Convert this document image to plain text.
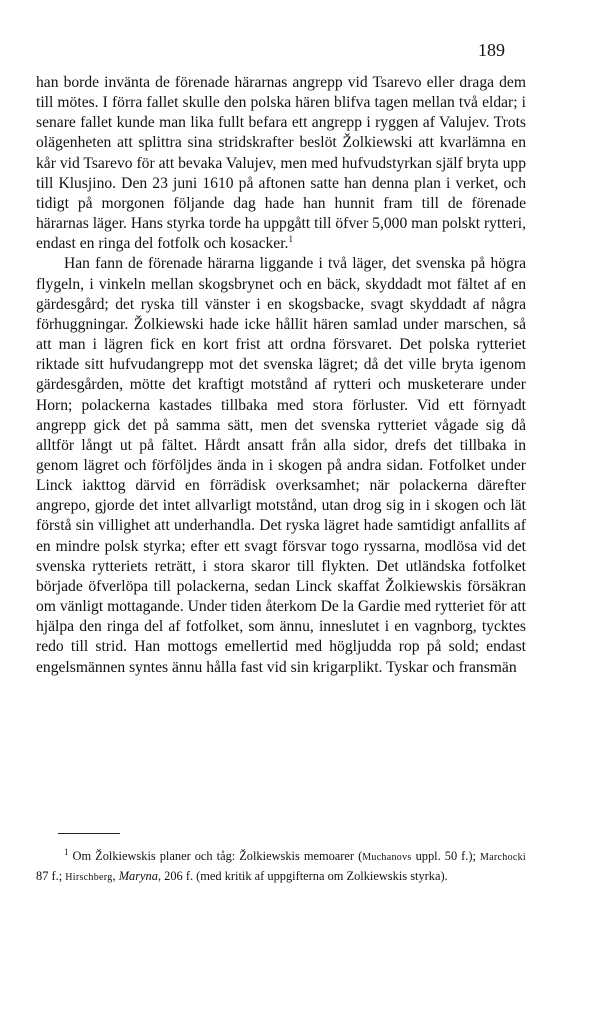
189

han borde invänta de förenade härarnas angrepp vid Tsarevo eller draga dem till mötes. I förra fallet skulle den polska hären blifva tagen mellan två eldar; i senare fallet kunde man lika fullt befara ett angrepp i ryggen af Valujev. Trots olägenheten att splittra sina stridskrafter beslöt Žolkiewski att kvarlämna en kår vid Tsarevo för att bevaka Valujev, men med hufvudstyrkan själf bryta upp till Klusjino. Den 23 juni 1610 på aftonen satte han denna plan i verket, och tidigt på morgonen följande dag hade han hunnit fram till de förenade härarnas läger. Hans styrka torde ha uppgått till öfver 5,000 man polskt rytteri, endast en ringa del fotfolk och kosacker.$^1$

Han fann de förenade härarna liggande i två läger, det svenska på högra flygeln, i vinkeln mellan skogsbrynet och en bäck, skyddadt mot fältet af en gärdesgård; det ryska till vänster i en skogsbacke, svagt skyddadt af några förhuggningar. Žolkiewski hade icke hållit hären samlad under marschen, så att man i lägren fick en kort frist att ordna försvaret. Det polska rytteriet riktade sitt hufvudangrepp mot det svenska lägret; då det ville bryta igenom gärdesgården, mötte det kraftigt motstånd af rytteri och musketerare under Horn; polackerna kastades tillbaka med stora förluster. Vid ett förnyadt angrepp gick det på samma sätt, men det svenska rytteriet vågade sig då alltför långt ut på fältet. Hårdt ansatt från alla sidor, drefs det tillbaka in genom lägret och förföljdes ända in i skogen på andra sidan. Fotfolket under Linck iakttog därvid en förrädisk overksamhet; när polackerna därefter angrepo, gjorde det intet allvarligt motstånd, utan drog sig in i skogen och lät förstå sin villighet att underhandla. Det ryska lägret hade samtidigt anfallits af en mindre polsk styrka; efter ett svagt försvar togo ryssarna, modlösa vid det svenska rytteriets reträtt, i stora skaror till flykten. Det utländska fotfolket började öfverlöpa till polackerna, sedan Linck skaffat Žolkiewskis försäkran om vänligt mottagande. Under tiden återkom De la Gardie med rytteriet för att hjälpa den ringa del af fotfolket, som ännu, inneslutet i en vagnborg, tycktes redo till strid. Han mottogs emellertid med högljudda rop på sold; endast engelsmännen syntes ännu hålla fast vid sin krigarplikt. Tyskar och fransmän

$^1$ Om Žolkiewskis planer och tåg: Žolkiewskis memoarer (Muchanovs uppl. 50 f.); Marchocki 87 f.; Hirschberg, Maryna, 206 f. (med kritik af uppgifterna om Zolkiewskis styrka).
